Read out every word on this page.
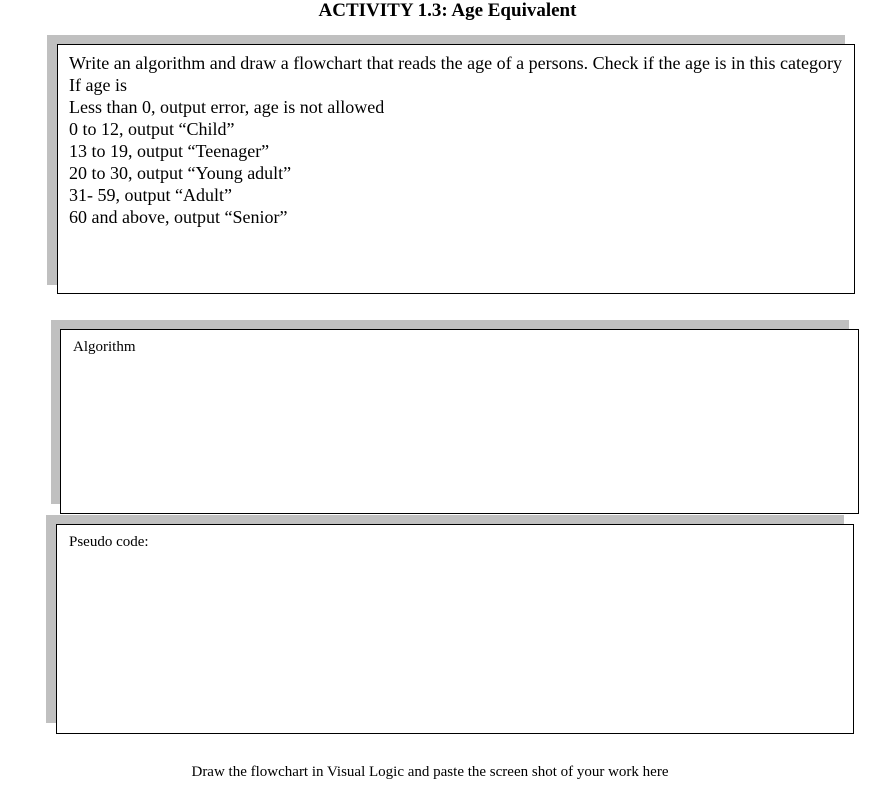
ACTIVITY 1.3: Age Equivalent

Write an algorithm and draw a flowchart that reads the age of a persons. Check if the age is in this category

If age is

Less than 0, output error, age is not allowed

0 to 12, output “Child”

13 to 19, output “Teenager”

20 to 30, output “Young adult”

31- 59, output “Adult”

60 and above, output “Senior”

Algorithm
Pseudo code:
Draw the flowchart in Visual Logic and paste the screen shot of your work here
